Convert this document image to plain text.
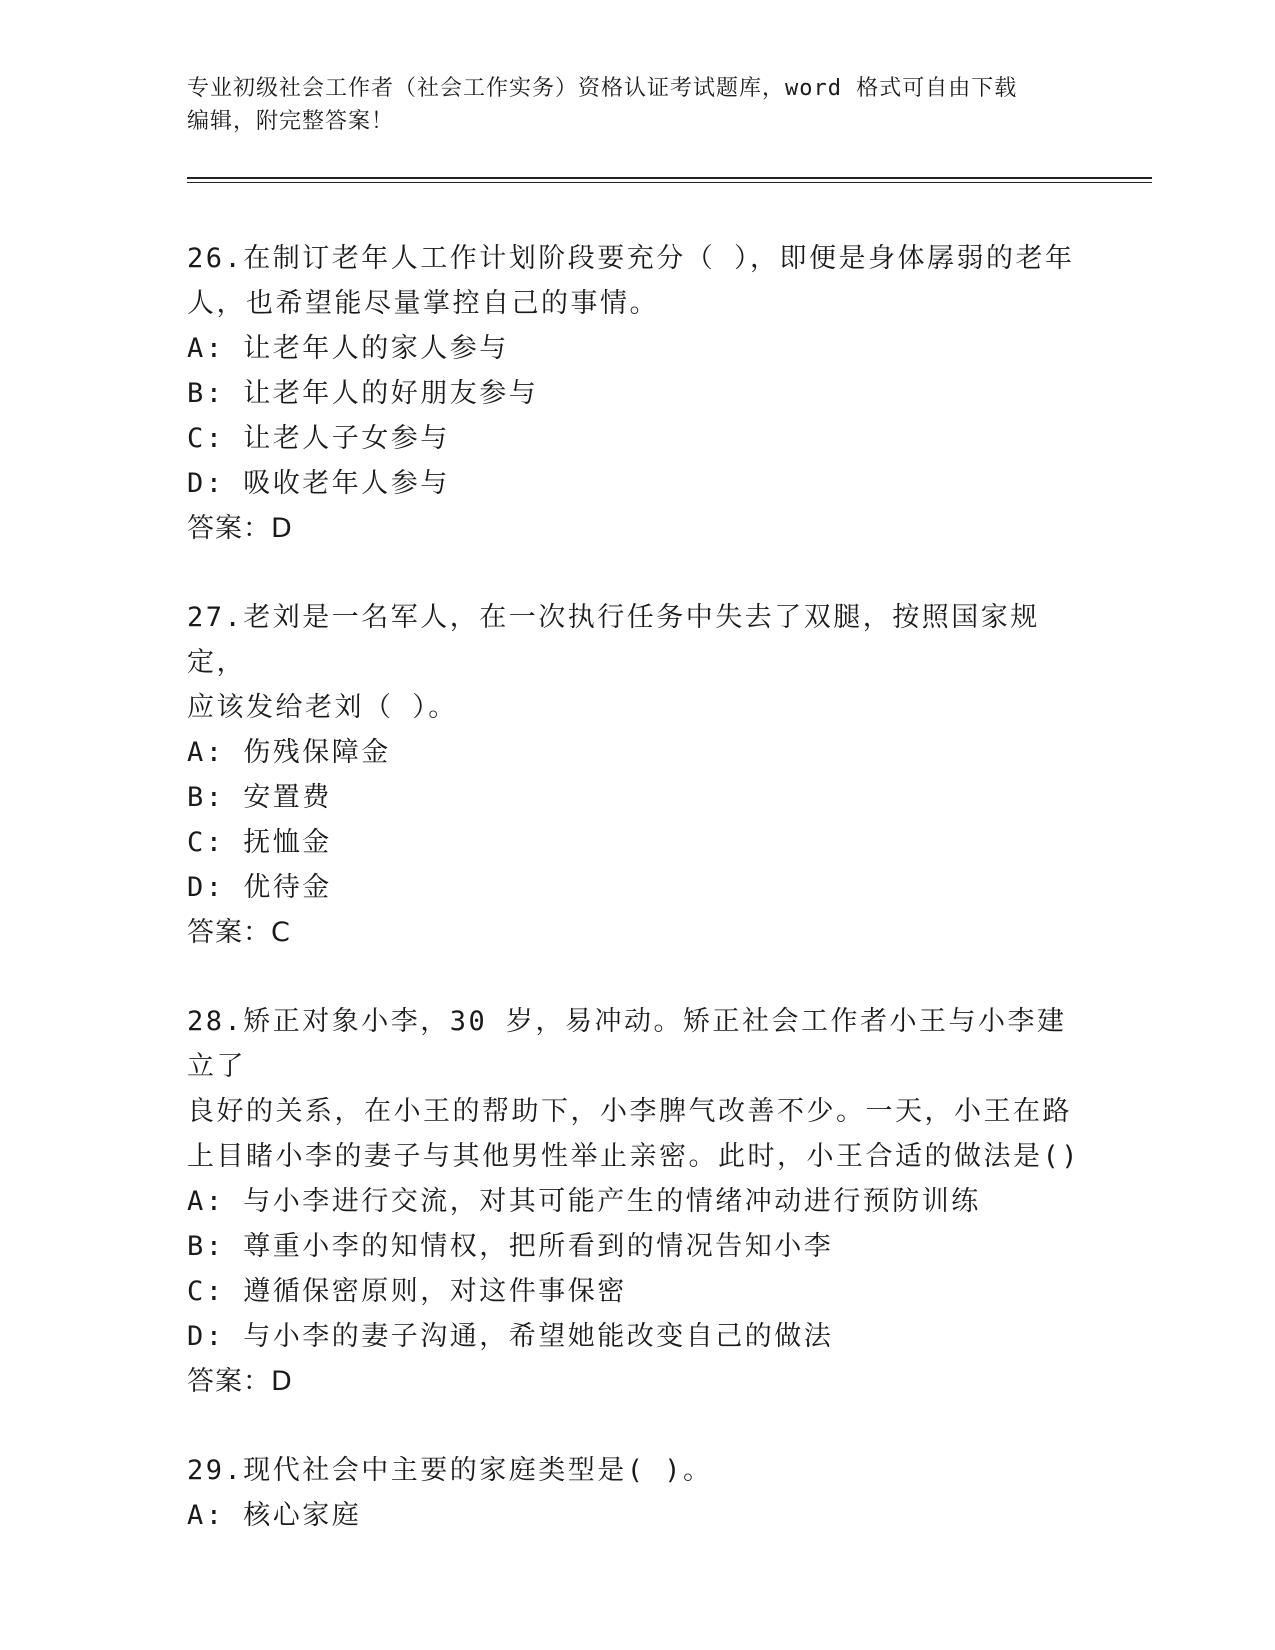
专业初级社会工作者（社会工作实务）资格认证考试题库，word 格式可自由下载
编辑，附完整答案！
26.在制订老年人工作计划阶段要充分（ ），即便是身体孱弱的老年
人，也希望能尽量掌控自己的事情。
A: 让老年人的家人参与
B: 让老年人的好朋友参与
C: 让老人子女参与
D: 吸收老年人参与
答案：D
27.老刘是一名军人，在一次执行任务中失去了双腿，按照国家规定，
应该发给老刘（ ）。
A: 伤残保障金
B: 安置费
C: 抚恤金
D: 优待金
答案：C
28.矫正对象小李，30 岁，易冲动。矫正社会工作者小王与小李建立了
良好的关系，在小王的帮助下，小李脾气改善不少。一天，小王在路
上目睹小李的妻子与其他男性举止亲密。此时，小王合适的做法是()
A: 与小李进行交流，对其可能产生的情绪冲动进行预防训练
B: 尊重小李的知情权，把所看到的情况告知小李
C: 遵循保密原则，对这件事保密
D: 与小李的妻子沟通，希望她能改变自己的做法
答案：D
29.现代社会中主要的家庭类型是( )。
A: 核心家庭
